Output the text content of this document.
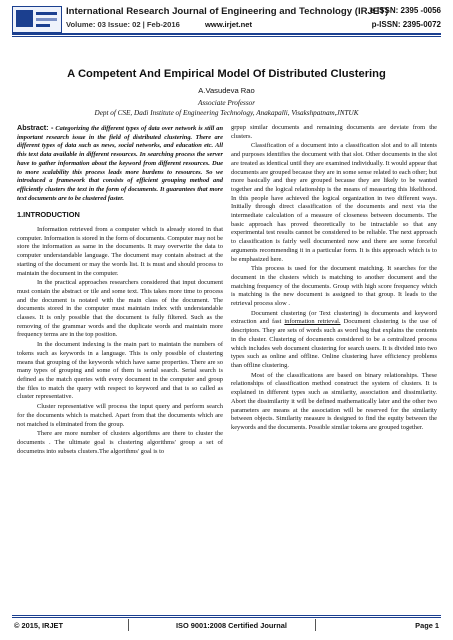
International Research Journal of Engineering and Technology (IRJET)
e-ISSN: 2395 -0056
Volume: 03 Issue: 02 | Feb-2016	www.irjet.net	p-ISSN: 2395-0072
A Competent And Empirical Model Of Distributed Clustering
A.Vasudeva Rao
Associate Professor
Dept of CSE, Dadi Institute of Engineering Technology, Anakapalli, Visakshpatnam,JNTUK

Abstract: - Categorizing the different types of data over network is still an important research issue in the field of distributed clustering. There are different types of data such as news, social networks, and education etc. All this text data available in different resources. In searching process the server have to gather information about the keyword from different resources. Due to more scalability this process leads more burdens to resources. So we introduced a framework that consists of efficient grouping method and efficiently clusters the text in the form of documents. It guarantees that more text documents are to be clustered faster.

1.INTRODUCTION

Information retrieved from a computer which is already stored in that computer. Information is stored in the form of documents. Computer may not be store the information as same in the documents. It may overwrite the data to computer understandable language. The document may contain abstract at the starting of the document or may the words list. It is must and should process to maintain the document in the computer.

In the practical approaches researchers considered that input document must contain the abstract or tile and some text. This takes more time to process and the document is notated with the main class of the document. The documents stored in the computer must maintain index with understandable classes. It is only possible that the document is fully filtered. Such as the removing of the grammar words and the duplicate words and maintain more frequency terms are in the top position.

In the document indexing is the main part to maintain the numbers of tokens such as keywords in a language. This is only possible of clustering means that grouping of the keywords which have same properties. There are so many types of grouping and some of them is serial search. Serial search is defined as the match queries with every document in the computer and group the files to match the query with respect to keyword and that is so called as cluster representative.

Cluster representative will process the input query and perform search for the documents which is matched. Apart from that the documents which are not matched is eliminated from the group.

There are more number of clusters algorithms are there to cluster the documents . The ultimate goal is clustering algorithms' group a set of documetns into subsets clusters.The algorithms' goal is to

grpup similar documents and remaining documents are deviate from the clusters.

Classification of a document into a classification slot and to all intents and purposes identifies the document with that slot. Other documents in the slot are treated as identical until they are examined individually. It would appear that documents are grouped because they are in some sense related to each other; but more basically and they are grouped because they are likely to be wanted together and the logical relationship is the means of measuring this likelihood. In this people have achieved the logical organization in two different ways. Initially through direct classification of the documents and next via the intermediate calculation of a measure of closeness between documents. The basic approach has proved theoretically to be intractable so that any experimental test results cannot be considered to be reliable. The next approach to classification is fairly well documented now and there are some forceful arguments recommending it in a particular form. It is this approach which is to be emphasized here.

This process is used for the document matching. It searches for the document in the clusters which is matching to another document and the matching frequency of the documents. Group with high score frequency which is matching is the new document is assigned to that group. It leads to the retrieval process slow .

Document clustering (or Text clustering) is documents and keyword extraction and fast information retrieval. Document clustering is the use of descriptors. They are sets of words such as word bag that explains the contents in the cluster. Clustering of documents considered to be a centralized process which includes web document clustering for search users. It is divided into two types such as online and offline. Online clustering have efficiency problems than offline clustering.

Most of the classifications are based on binary relationships. These relationships of classification method construct the system of clusters. It is explained in different types such as similarity, association and dissimilarity. Abort the dissimilarity it will be defined mathematically later and the other two parameters are means at the association will be reserved for the similarity between objects. Similarity measure is designed to find the equity between the keywords and the documents. Possible similar tokens are grouped together.

© 2015, IRJET	ISO 9001:2008 Certified Journal	Page 1
